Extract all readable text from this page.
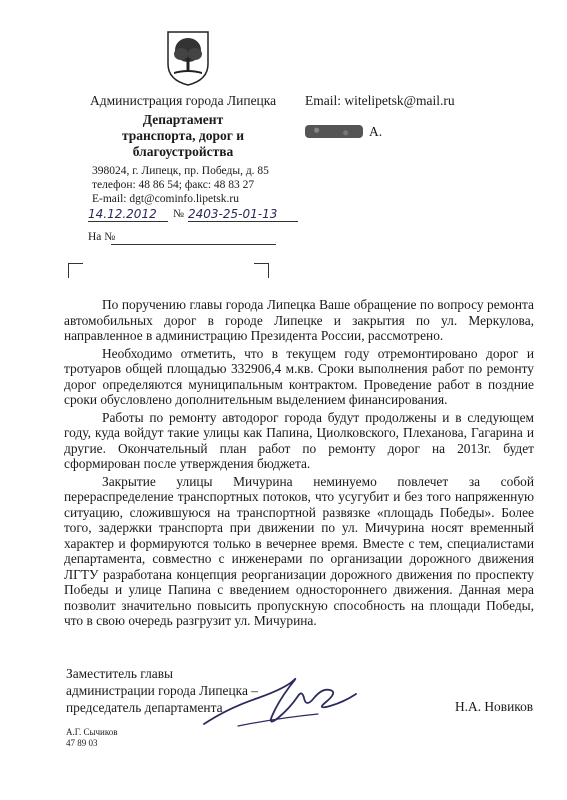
Администрация города Липецка Email: witelipetsk@mail.ru
Департамент
транспорта, дорог и
благоустройства
А.
398024, г. Липецк, пр. Победы, д. 85
телефон: 48 86 54; факс: 48 83 27
E-mail: dgt@cominfo.lipetsk.ru
14.12.2012	№ 2403-25-01-13
На №

По поручению главы города Липецка Ваше обращение по вопросу ремонта автомобильных дорог в городе Липецке и закрытия по ул. Меркулова, направленное в администрацию Президента России, рассмотрено.

Необходимо отметить, что в текущем году отремонтировано дорог и тротуаров общей площадью 332906,4 м.кв. Сроки выполнения работ по ремонту дорог определяются муниципальным контрактом. Проведение работ в поздние сроки обусловлено дополнительным выделением финансирования.

Работы по ремонту автодорог города будут продолжены и в следующем году, куда войдут такие улицы как Папина, Циолковского, Плеханова, Гагарина и другие. Окончательный план работ по ремонту дорог на 2013г. будет сформирован после утверждения бюджета.

Закрытие улицы Мичурина неминуемо повлечет за собой перераспределение транспортных потоков, что усугубит и без того напряженную ситуацию, сложившуюся на транспортной развязке «площадь Победы». Более того, задержки транспорта при движении по ул. Мичурина носят временный характер и формируются только в вечернее время. Вместе с тем, специалистами департамента, совместно с инженерами по организации дорожного движения ЛГТУ разработана концепция реорганизации дорожного движения по проспекту Победы и улице Папина с введением одностороннего движения. Данная мера позволит значительно повысить пропускную способность на площади Победы, что в свою очередь разгрузит ул. Мичурина.

Заместитель главы
администрации города Липецка –
председатель департамента	Н.А. Новиков
А.Г. Сычиков
47 89 03
